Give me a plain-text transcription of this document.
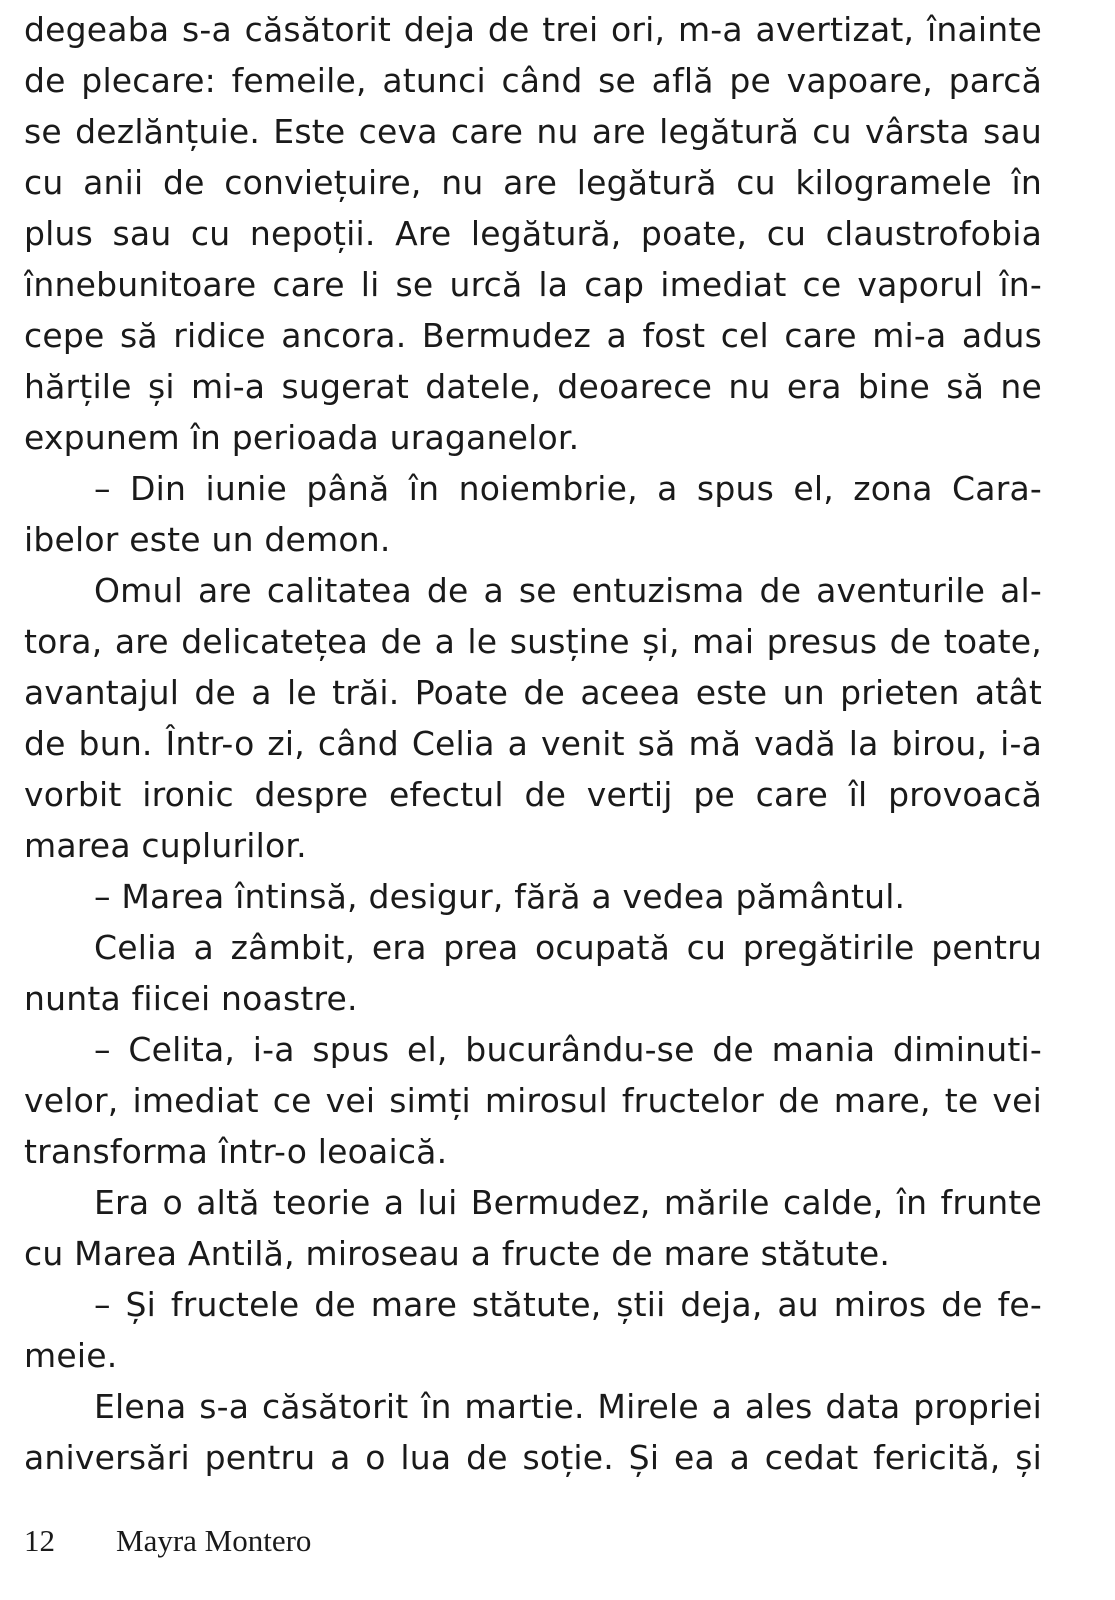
degeaba s-a căsătorit deja de trei ori, m-a avertizat, înainte
de plecare: femeile, atunci când se află pe vapoare, parcă
se dezlănțuie. Este ceva care nu are legătură cu vârsta sau
cu anii de conviețuire, nu are legătură cu kilogramele în
plus sau cu nepoții. Are legătură, poate, cu claustrofobia
înnebunitoare care li se urcă la cap imediat ce vaporul în-
cepe să ridice ancora. Bermudez a fost cel care mi-a adus
hărțile și mi-a sugerat datele, deoarece nu era bine să ne
expunem în perioada uraganelor.
– Din iunie până în noiembrie, a spus el, zona Cara-
ibelor este un demon.
Omul are calitatea de a se entuzisma de aventurile al-
tora, are delicatețea de a le susține și, mai presus de toate,
avantajul de a le trăi. Poate de aceea este un prieten atât
de bun. Într-o zi, când Celia a venit să mă vadă la birou, i-a
vorbit ironic despre efectul de vertij pe care îl provoacă
marea cuplurilor.
– Marea întinsă, desigur, fără a vedea pământul.
Celia a zâmbit, era prea ocupată cu pregătirile pentru
nunta fiicei noastre.
– Celita, i-a spus el, bucurându-se de mania diminuti-
velor, imediat ce vei simți mirosul fructelor de mare, te vei
transforma într-o leoaică.
Era o altă teorie a lui Bermudez, mările calde, în frunte
cu Marea Antilă, miroseau a fructe de mare stătute.
– Și fructele de mare stătute, știi deja, au miros de fe-
meie.
Elena s-a căsătorit în martie. Mirele a ales data propriei
aniversări pentru a o lua de soție. Și ea a cedat fericită, și
12	Mayra Montero
